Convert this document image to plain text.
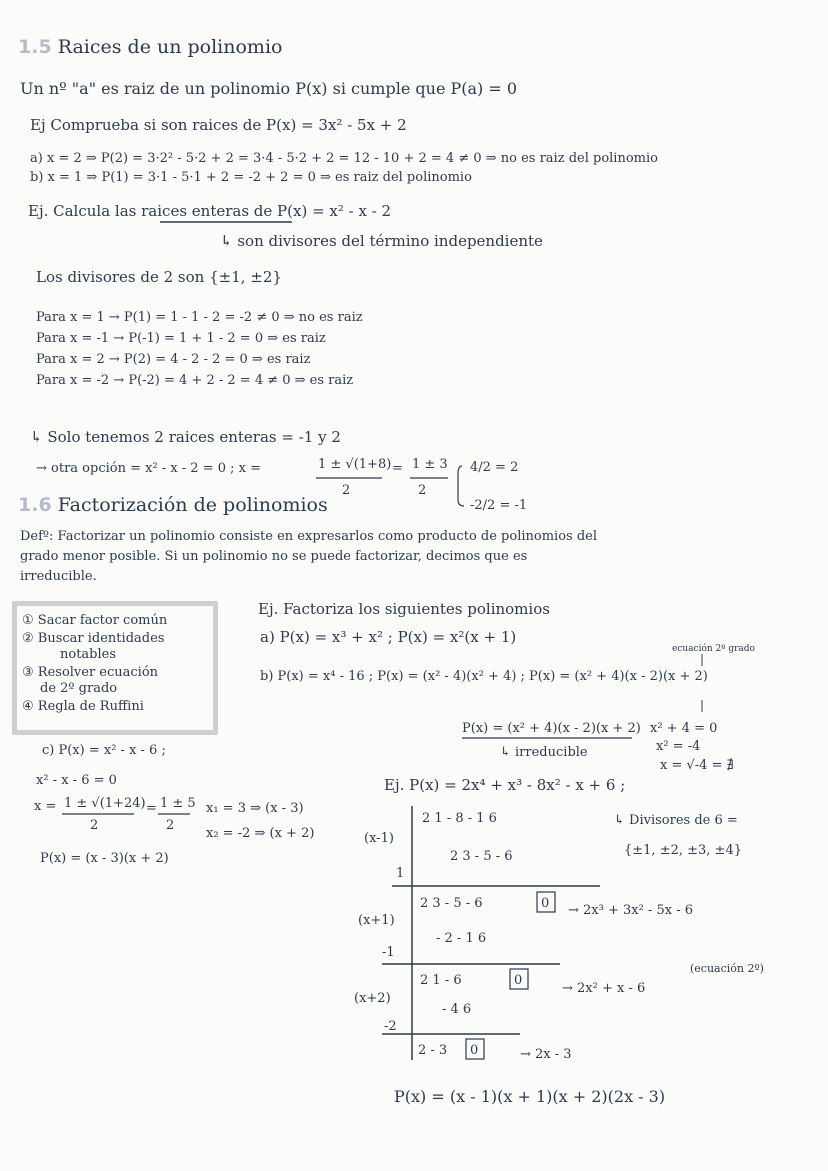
1.5 Raices de un polinomio
Un nº "a" es raiz de un polinomio P(x) si cumple que P(a) = 0
Ej Comprueba si son raices de P(x) = 3x² - 5x + 2
a) x = 2 ⇒ P(2) = 3·2² - 5·2 + 2 = 3·4 - 5·2 + 2 = 12 - 10 + 2 = 4 ≠ 0 ⇒ no es raiz del polinomio
b) x = 1 ⇒ P(1) = 3·1 - 5·1 + 2 = -2 + 2 = 0 ⇒ es raiz del polinomio
Ej. Calcula las raices enteras de P(x) = x² - x - 2
↳ son divisores del término independiente
Los divisores de 2 son {±1, ±2}
Para x = 1 → P(1) = 1 - 1 - 2 = -2 ≠ 0 ⇒ no es raiz
Para x = -1 → P(-1) = 1 + 1 - 2 = 0 ⇒ es raiz
Para x = 2 → P(2) = 4 - 2 - 2 = 0 ⇒ es raiz
Para x = -2 → P(-2) = 4 + 2 - 2 = 4 ≠ 0 ⇒ es raiz
↳ Solo tenemos 2 raices enteras = -1 y 2
→ otra opción = x² - x - 2 = 0 ; x =	1 ± √(1+8)
2
= 1 ± 3
2
4/2 = 2
-2/2 = -1
1.6 Factorización de polinomios
Defº: Factorizar un polinomio consiste en expresarlos como producto de polinomios del
grado menor posible. Si un polinomio no se puede factorizar, decimos que es
irreducible.
① Sacar factor común
② Buscar identidades
notables
③ Resolver ecuación
de 2º grado
④ Regla de Ruffini
Ej. Factoriza los siguientes polinomios
a) P(x) = x³ + x² ; P(x) = x²(x + 1)
ecuación 2º grado
b) P(x) = x⁴ - 16 ; P(x) = (x² - 4)(x² + 4) ; P(x) = (x² + 4)(x - 2)(x + 2)
P(x) = (x² + 4)(x - 2)(x + 2)
↳ irreducible
x² + 4 = 0
x² = -4
x = √-4 = ∄
c) P(x) = x² - x - 6 ;
x² - x - 6 = 0
x = 1 ± √(1+24)
2
= 1 ± 5
2
x₁ = 3 ⇒ (x - 3)
x₂ = -2 ⇒ (x + 2)
P(x) = (x - 3)(x + 2)
Ej. P(x) = 2x⁴ + x³ - 8x² - x + 6 ;
↳ Divisores de 6 =
{±1, ±2, ±3, ±4}
2 1 - 8 - 1 6
(x-1)
1
2 3 - 5 - 6
2 3 - 5 - 6	0 → 2x³ + 3x² - 5x - 6
(x+1)
-1
- 2 - 1 6
2 1 - 6	0
→ 2x² + x - 6
(ecuación 2º)
(x+2)
-2
- 4 6
2 - 3 0	→ 2x - 3
P(x) = (x - 1)(x + 1)(x + 2)(2x - 3)
